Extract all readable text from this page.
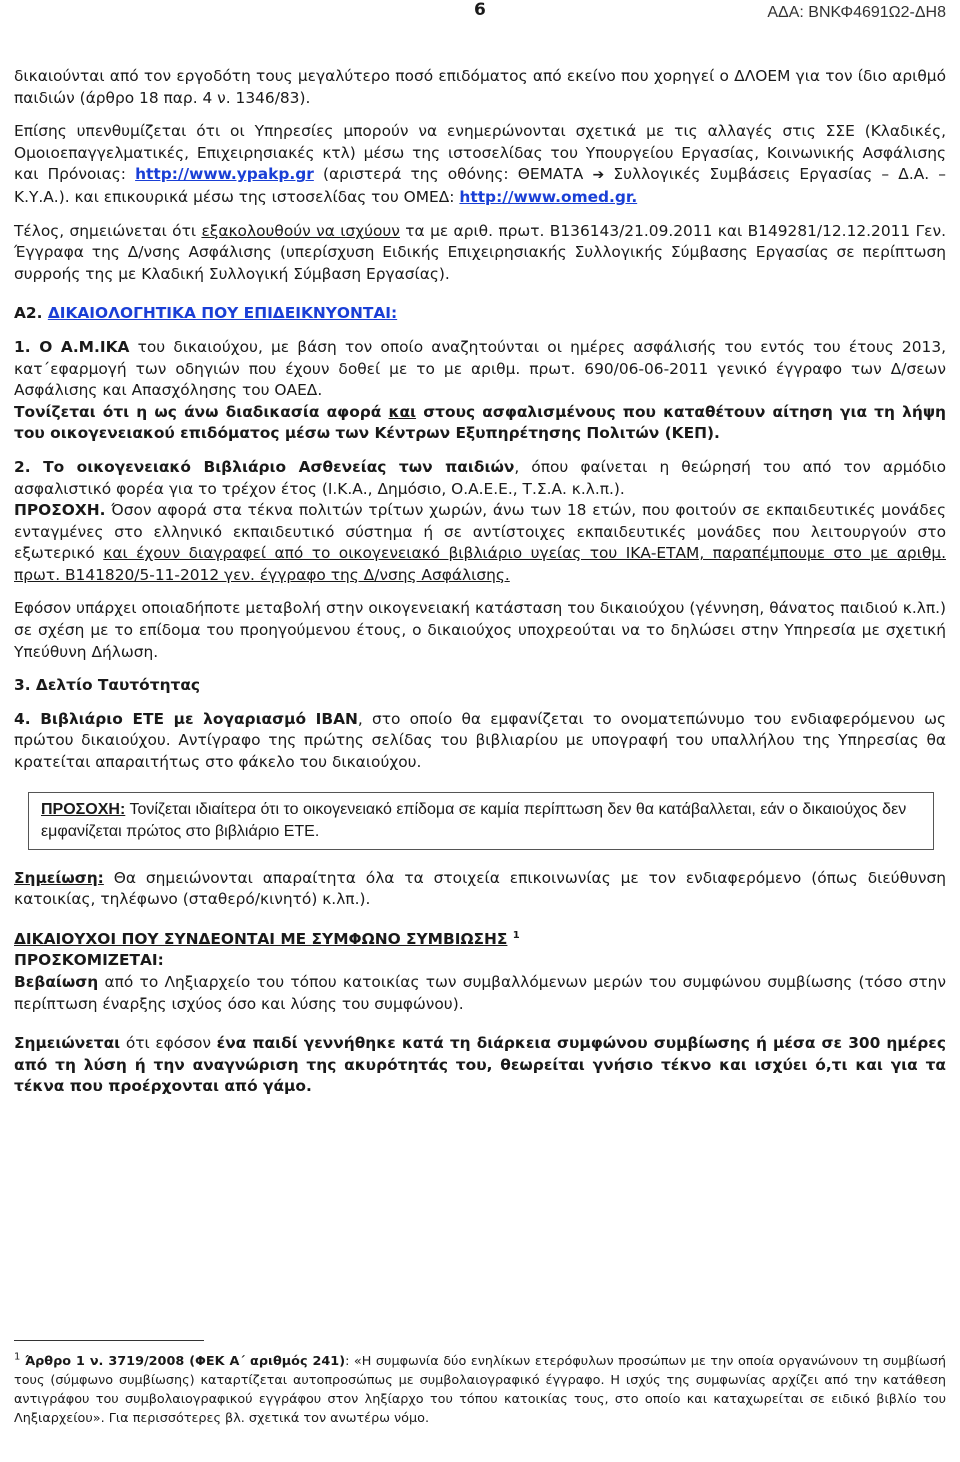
6	ΑΔΑ: ΒΝΚΦ4691Ω2-ΔΗ8

δικαιούνται από τον εργοδότη τους μεγαλύτερο ποσό επιδόματος από εκείνο που χορηγεί ο ΔΛΟΕΜ για τον ίδιο αριθμό παιδιών (άρθρο 18 παρ. 4 ν. 1346/83).

Επίσης υπενθυμίζεται ότι οι Υπηρεσίες μπορούν να ενημερώνονται σχετικά με τις αλλαγές στις ΣΣΕ (Κλαδικές, Ομοιοεπαγγελματικές, Επιχειρησιακές κτλ) μέσω της ιστοσελίδας του Υπουργείου Εργασίας, Κοινωνικής Ασφάλισης και Πρόνοιας: http://www.ypakp.gr (αριστερά της οθόνης: ΘΕΜΑΤΑ ➔ Συλλογικές Συμβάσεις Εργασίας – Δ.Α. – Κ.Υ.Α.). και επικουρικά μέσω της ιστοσελίδας του ΟΜΕΔ: http://www.omed.gr.

Τέλος, σημειώνεται ότι εξακολουθούν να ισχύουν τα με αριθ. πρωτ. Β136143/21.09.2011 και Β149281/12.12.2011 Γεν. Έγγραφα της Δ/νσης Ασφάλισης (υπερίσχυση Ειδικής Επιχειρησιακής Συλλογικής Σύμβασης Εργασίας σε περίπτωση συρροής της με Κλαδική Συλλογική Σύμβαση Εργασίας).

Α2. ΔΙΚΑΙΟΛΟΓΗΤΙΚΑ ΠΟΥ ΕΠΙΔΕΙΚΝΥΟΝΤΑΙ:

1. Ο Α.Μ.ΙΚΑ του δικαιούχου, με βάση τον οποίο αναζητούνται οι ημέρες ασφάλισής του εντός του έτους 2013, κατ΄εφαρμογή των οδηγιών που έχουν δοθεί με το με αριθμ. πρωτ. 690/06-06-2011 γενικό έγγραφο των Δ/σεων Ασφάλισης και Απασχόλησης του ΟΑΕΔ.

Τονίζεται ότι η ως άνω διαδικασία αφορά και στους ασφαλισμένους που καταθέτουν αίτηση για τη λήψη του οικογενειακού επιδόματος μέσω των Κέντρων Εξυπηρέτησης Πολιτών (ΚΕΠ).

2. Το οικογενειακό Βιβλιάριο Ασθενείας των παιδιών, όπου φαίνεται η θεώρησή του από τον αρμόδιο ασφαλιστικό φορέα για το τρέχον έτος (Ι.Κ.Α., Δημόσιο, Ο.Α.Ε.Ε., Τ.Σ.Α. κ.λ.π.).

ΠΡΟΣΟΧΗ. Όσον αφορά στα τέκνα πολιτών τρίτων χωρών, άνω των 18 ετών, που φοιτούν σε εκπαιδευτικές μονάδες ενταγμένες στο ελληνικό εκπαιδευτικό σύστημα ή σε αντίστοιχες εκπαιδευτικές μονάδες που λειτουργούν στο εξωτερικό και έχουν διαγραφεί από το οικογενειακό βιβλιάριο υγείας του ΙΚΑ-ΕΤΑΜ, παραπέμπουμε στο με αριθμ. πρωτ. Β141820/5-11-2012 γεν. έγγραφο της Δ/νσης Ασφάλισης.

Εφόσον υπάρχει οποιαδήποτε μεταβολή στην οικογενειακή κατάσταση του δικαιούχου (γέννηση, θάνατος παιδιού κ.λπ.) σε σχέση με το επίδομα του προηγούμενου έτους, ο δικαιούχος υποχρεούται να το δηλώσει στην Υπηρεσία με σχετική Υπεύθυνη Δήλωση.

3. Δελτίο Ταυτότητας

4. Βιβλιάριο ΕΤΕ με λογαριασμό ΙΒΑΝ, στο οποίο θα εμφανίζεται το ονοματεπώνυμο του ενδιαφερόμενου ως πρώτου δικαιούχου. Αντίγραφο της πρώτης σελίδας του βιβλιαρίου με υπογραφή του υπαλλήλου της Υπηρεσίας θα κρατείται απαραιτήτως στο φάκελο του δικαιούχου.

ΠΡΟΣΟΧΗ: Τονίζεται ιδιαίτερα ότι το οικογενειακό επίδομα σε καμία περίπτωση δεν θα κατάβαλλεται, εάν ο δικαιούχος δεν εμφανίζεται πρώτος στο βιβλιάριο ΕΤΕ.

Σημείωση: Θα σημειώνονται απαραίτητα όλα τα στοιχεία επικοινωνίας με τον ενδιαφερόμενο (όπως διεύθυνση κατοικίας, τηλέφωνο (σταθερό/κινητό) κ.λπ.).

ΔΙΚΑΙΟΥΧΟΙ ΠΟΥ ΣΥΝΔΕΟΝΤΑΙ ΜΕ ΣΥΜΦΩΝΟ ΣΥΜΒΙΩΣΗΣ $^1$

ΠΡΟΣΚΟΜΙΖΕΤΑΙ:

Βεβαίωση από το Ληξιαρχείο του τόπου κατοικίας των συμβαλλόμενων μερών του συμφώνου συμβίωσης (τόσο στην περίπτωση έναρξης ισχύος όσο και λύσης του συμφώνου).

Σημειώνεται ότι εφόσον ένα παιδί γεννήθηκε κατά τη διάρκεια συμφώνου συμβίωσης ή μέσα σε 300 ημέρες από τη λύση ή την αναγνώριση της ακυρότητάς του, θεωρείται γνήσιο τέκνο και ισχύει ό,τι και για τα τέκνα που προέρχονται από γάμο.

$^1$ Άρθρο 1 ν. 3719/2008 (ΦΕΚ Α΄ αριθμός 241): «Η συμφωνία δύο ενηλίκων ετερόφυλων προσώπων με την οποία οργανώνουν τη συμβίωσή τους (σύμφωνο συμβίωσης) καταρτίζεται αυτοπροσώπως με συμβολαιογραφικό έγγραφο. Η ισχύς της συμφωνίας αρχίζει από την κατάθεση αντιγράφου του συμβολαιογραφικού εγγράφου στον ληξίαρχο του τόπου κατοικίας τους, στο οποίο και καταχωρείται σε ειδικό βιβλίο του Ληξιαρχείου». Για περισσότερες βλ. σχετικά τον ανωτέρω νόμο.
